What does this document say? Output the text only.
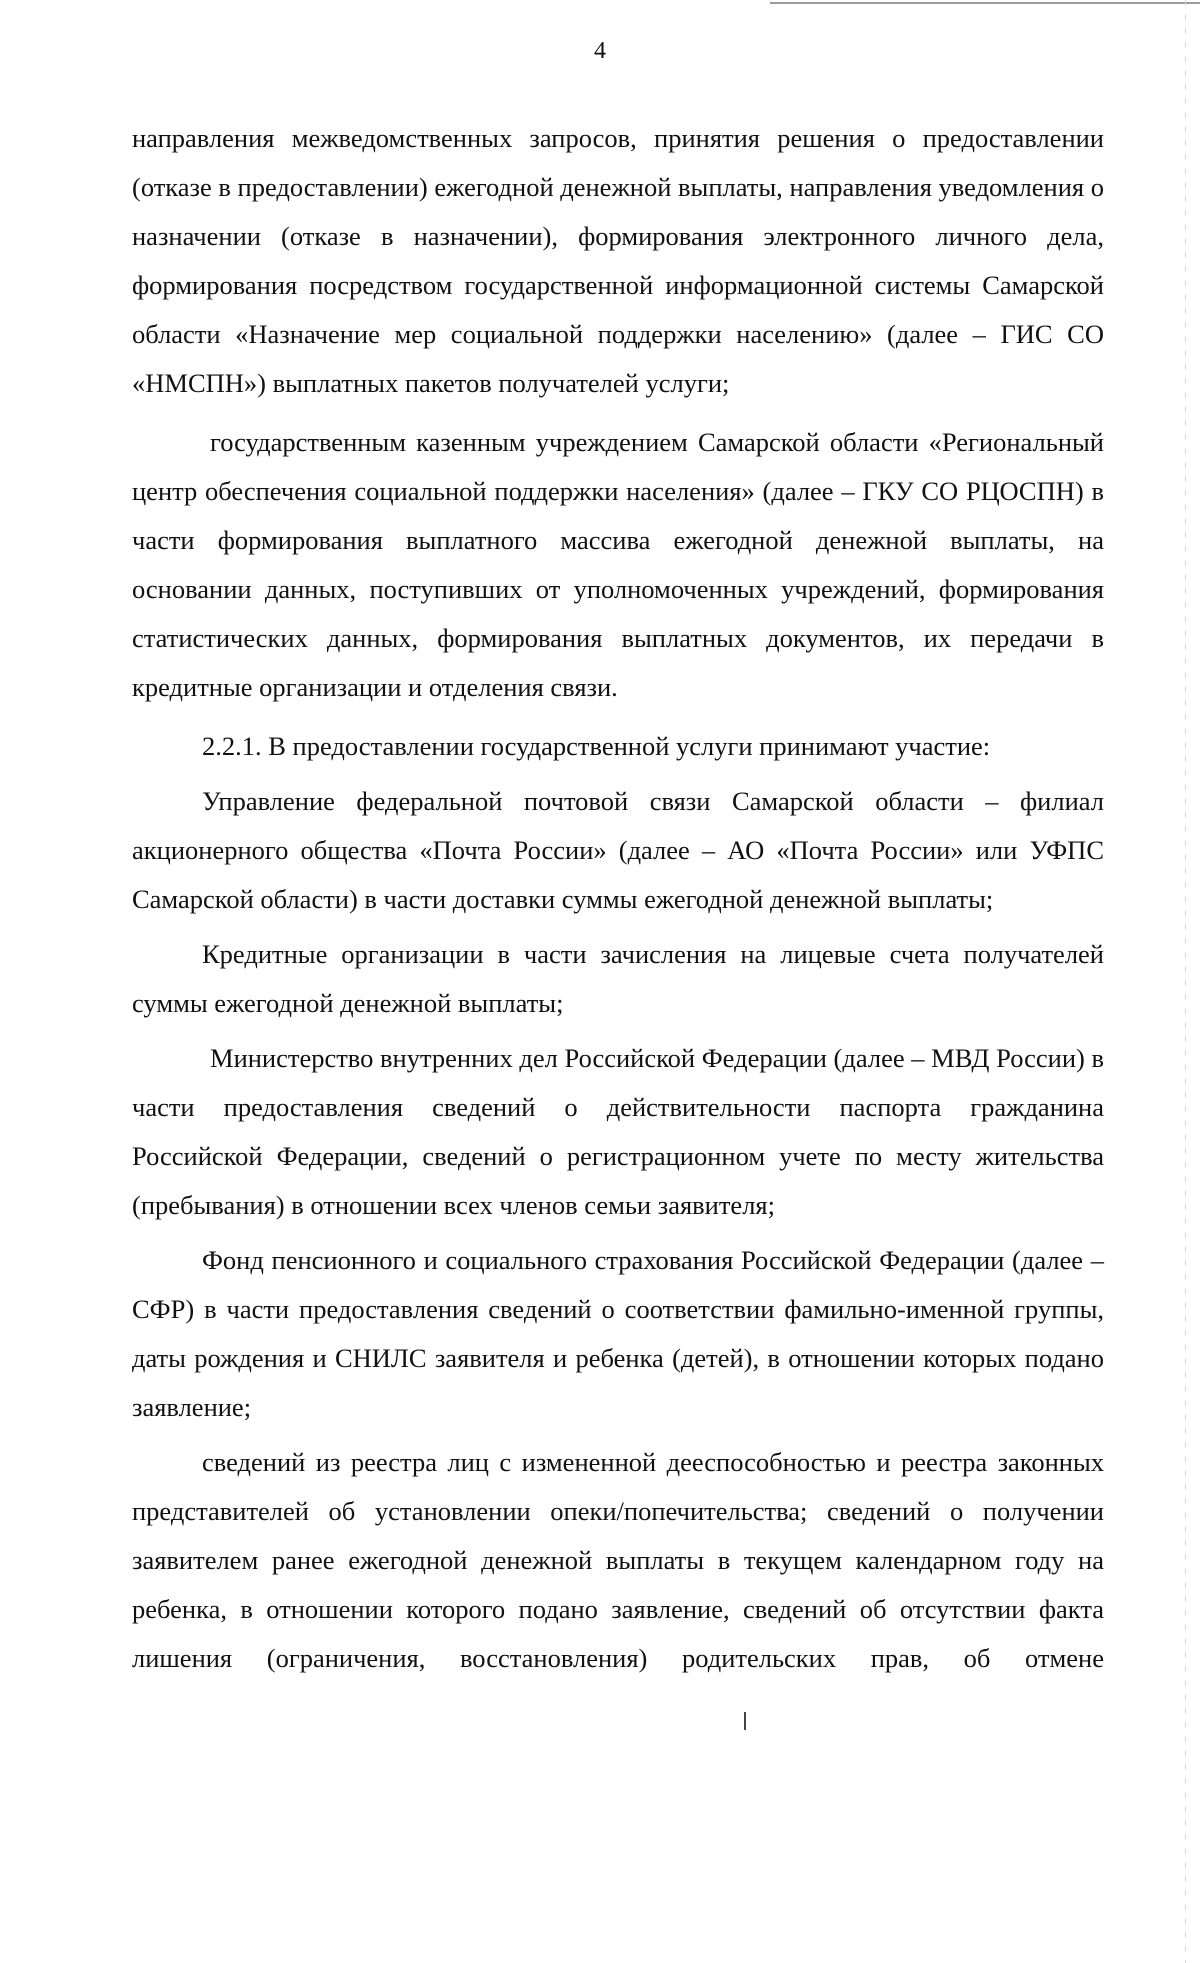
4

направления межведомственных запросов, принятия решения о предоставлении (отказе в предоставлении) ежегодной денежной выплаты, направления уведомления о назначении (отказе в назначении), формирования электронного личного дела, формирования посредством государственной информационной системы Самарской области «Назначение мер социальной поддержки населению» (далее – ГИС СО «НМСПН») выплатных пакетов получателей услуги;

государственным казенным учреждением Самарской области «Региональный центр обеспечения социальной поддержки населения» (далее – ГКУ СО РЦОСПН) в части формирования выплатного массива ежегодной денежной выплаты, на основании данных, поступивших от уполномоченных учреждений, формирования статистических данных, формирования выплатных документов, их передачи в кредитные организации и отделения связи.

2.2.1. В предоставлении государственной услуги принимают участие:

Управление федеральной почтовой связи Самарской области – филиал акционерного общества «Почта России» (далее – АО «Почта России» или УФПС Самарской области) в части доставки суммы ежегодной денежной выплаты;

Кредитные организации в части зачисления на лицевые счета получателей суммы ежегодной денежной выплаты;

Министерство внутренних дел Российской Федерации (далее – МВД России) в части предоставления сведений о действительности паспорта гражданина Российской Федерации, сведений о регистрационном учете по месту жительства (пребывания) в отношении всех членов семьи заявителя;

Фонд пенсионного и социального страхования Российской Федерации (далее – СФР) в части предоставления сведений о соответствии фамильно-именной группы, даты рождения и СНИЛС заявителя и ребенка (детей), в отношении которых подано заявление;

сведений из реестра лиц с измененной дееспособностью и реестра законных представителей об установлении опеки/попечительства; сведений о получении заявителем ранее ежегодной денежной выплаты в текущем календарном году на ребенка, в отношении которого подано заявление, сведений об отсутствии факта лишения (ограничения, восстановления) родительских прав, об отмене
